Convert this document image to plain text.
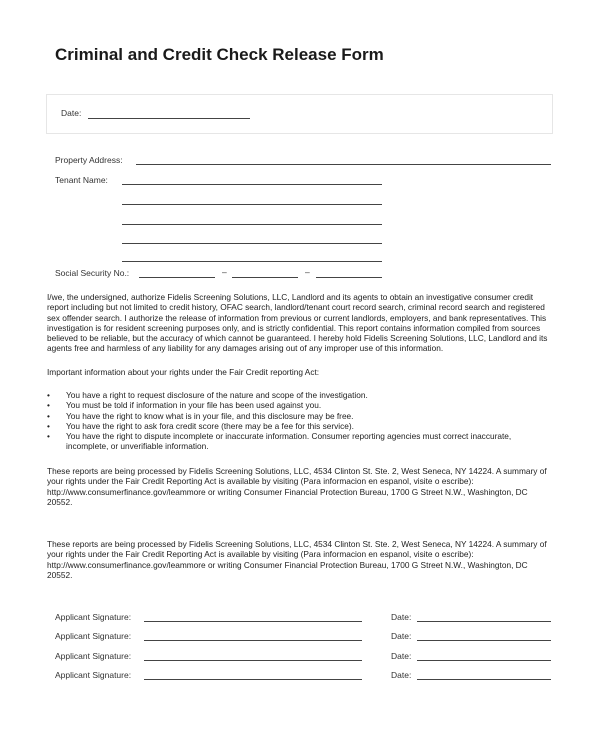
Criminal and Credit Check Release Form
Date:
Property Address:
Tenant Name:
Social Security No.:	–	–

I/we, the undersigned, authorize Fidelis Screening Solutions, LLC, Landlord and its agents to obtain an investigative consumer credit report including but not limited to credit history, OFAC search, landlord/tenant court record search, criminal record search and registered sex offender search. I authorize the release of information from previous or current landlords, employers, and bank representatives. This investigation is for resident screening purposes only, and is strictly confidential. This report contains information compiled from sources believed to be reliable, but the accuracy of which cannot be guaranteed. I hereby hold Fidelis Screening Solutions, LLC, Landlord and its agents free and harmless of any liability for any damages arising out of any improper use of this information.

Important information about your rights under the Fair Credit reporting Act:

• You have a right to request disclosure of the nature and scope of the investigation.
• You must be told if information in your file has been used against you.
• You have the right to know what is in your file, and this disclosure may be free.
• You have the right to ask fora credit score (there may be a fee for this service).
• You have the right to dispute incomplete or inaccurate information. Consumer reporting agencies must correct inaccurate, incomplete, or unverifiable information.

These reports are being processed by Fidelis Screening Solutions, LLC, 4534 Clinton St. Ste. 2, West Seneca, NY 14224. A summary of your rights under the Fair Credit Reporting Act is available by visiting (Para informacion en espanol, visite o escribe): http://www.consumerfinance.gov/leammore or writing Consumer Financial Protection Bureau, 1700 G Street N.W., Washington, DC 20552.

These reports are being processed by Fidelis Screening Solutions, LLC, 4534 Clinton St. Ste. 2, West Seneca, NY 14224. A summary of your rights under the Fair Credit Reporting Act is available by visiting (Para informacion en espanol, visite o escribe): http://www.consumerfinance.gov/leammore or writing Consumer Financial Protection Bureau, 1700 G Street N.W., Washington, DC 20552.

Applicant Signature:	Date:
Applicant Signature:	Date:
Applicant Signature:	Date:
Applicant Signature:	Date:
